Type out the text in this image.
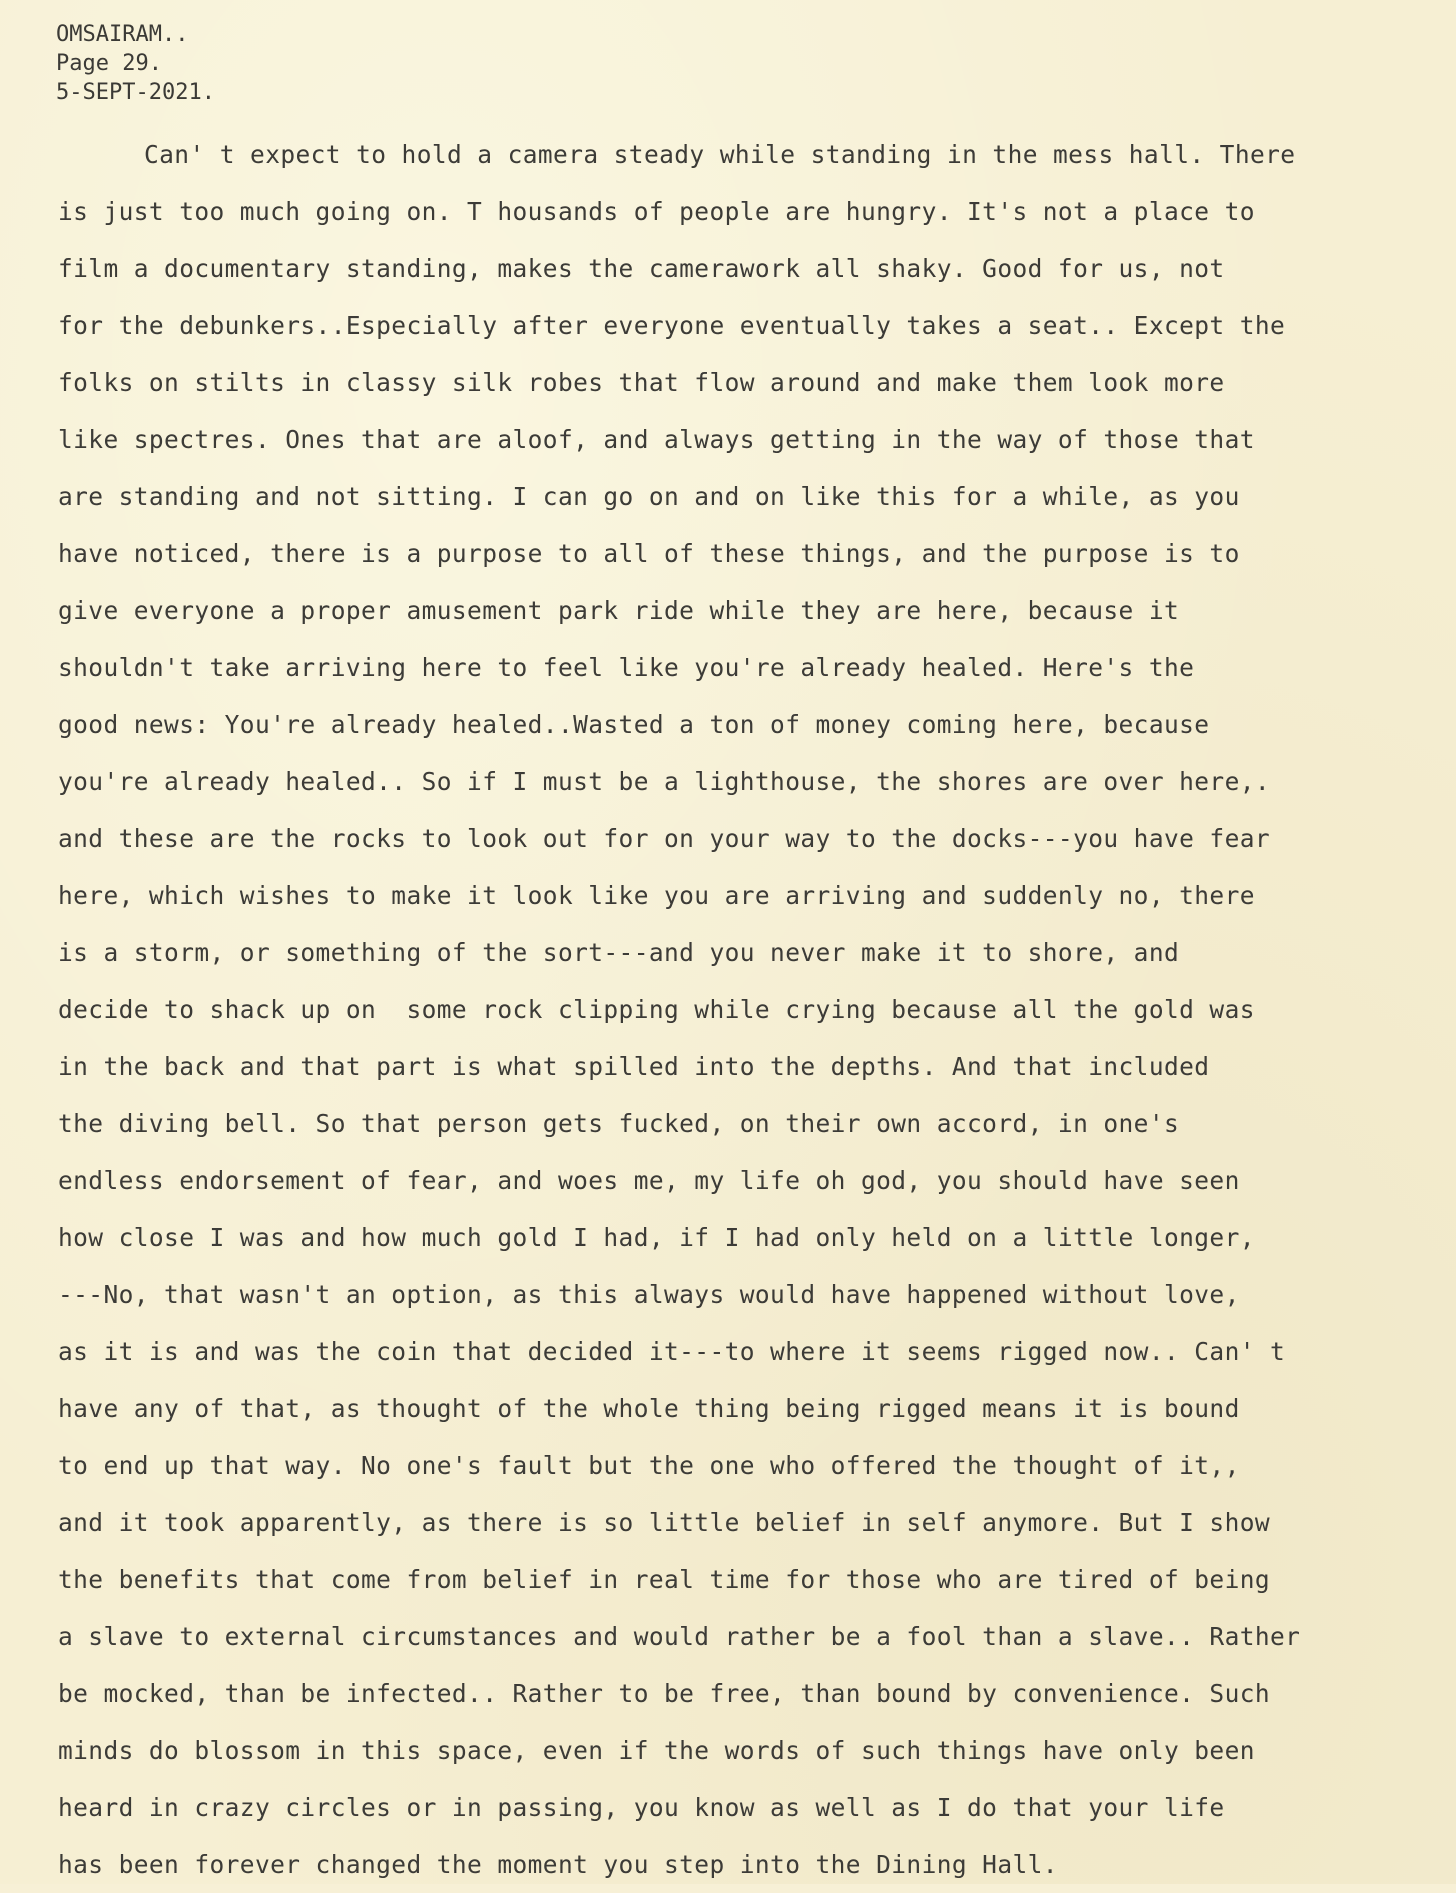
OMSAIRAM..
Page 29.
5-SEPT-2021.
Can' t expect to hold a camera steady while standing in the mess hall. There
is just too much going on. T housands of people are hungry. It's not a place to
film a documentary standing, makes the camerawork all shaky. Good for us, not
for the debunkers..Especially after everyone eventually takes a seat.. Except the
folks on stilts in classy silk robes that flow around and make them look more
like spectres. Ones that are aloof, and always getting in the way of those that
are standing and not sitting. I can go on and on like this for a while, as you
have noticed, there is a purpose to all of these things, and the purpose is to
give everyone a proper amusement park ride while they are here, because it
shouldn't take arriving here to feel like you're already healed. Here's the
good news: You're already healed..Wasted a ton of money coming here, because
you're already healed.. So if I must be a lighthouse, the shores are over here,.
and these are the rocks to look out for on your way to the docks---you have fear
here, which wishes to make it look like you are arriving and suddenly no, there
is a storm, or something of the sort---and you never make it to shore, and
decide to shack up on  some rock clipping while crying because all the gold was
in the back and that part is what spilled into the depths. And that included
the diving bell. So that person gets fucked, on their own accord, in one's
endless endorsement of fear, and woes me, my life oh god, you should have seen
how close I was and how much gold I had, if I had only held on a little longer,
---No, that wasn't an option, as this always would have happened without love,
as it is and was the coin that decided it---to where it seems rigged now.. Can' t
have any of that, as thought of the whole thing being rigged means it is bound
to end up that way. No one's fault but the one who offered the thought of it,,
and it took apparently, as there is so little belief in self anymore. But I show
the benefits that come from belief in real time for those who are tired of being
a slave to external circumstances and would rather be a fool than a slave.. Rather
be mocked, than be infected.. Rather to be free, than bound by convenience. Such
minds do blossom in this space, even if the words of such things have only been
heard in crazy circles or in passing, you know as well as I do that your life
has been forever changed the moment you step into the Dining Hall.
